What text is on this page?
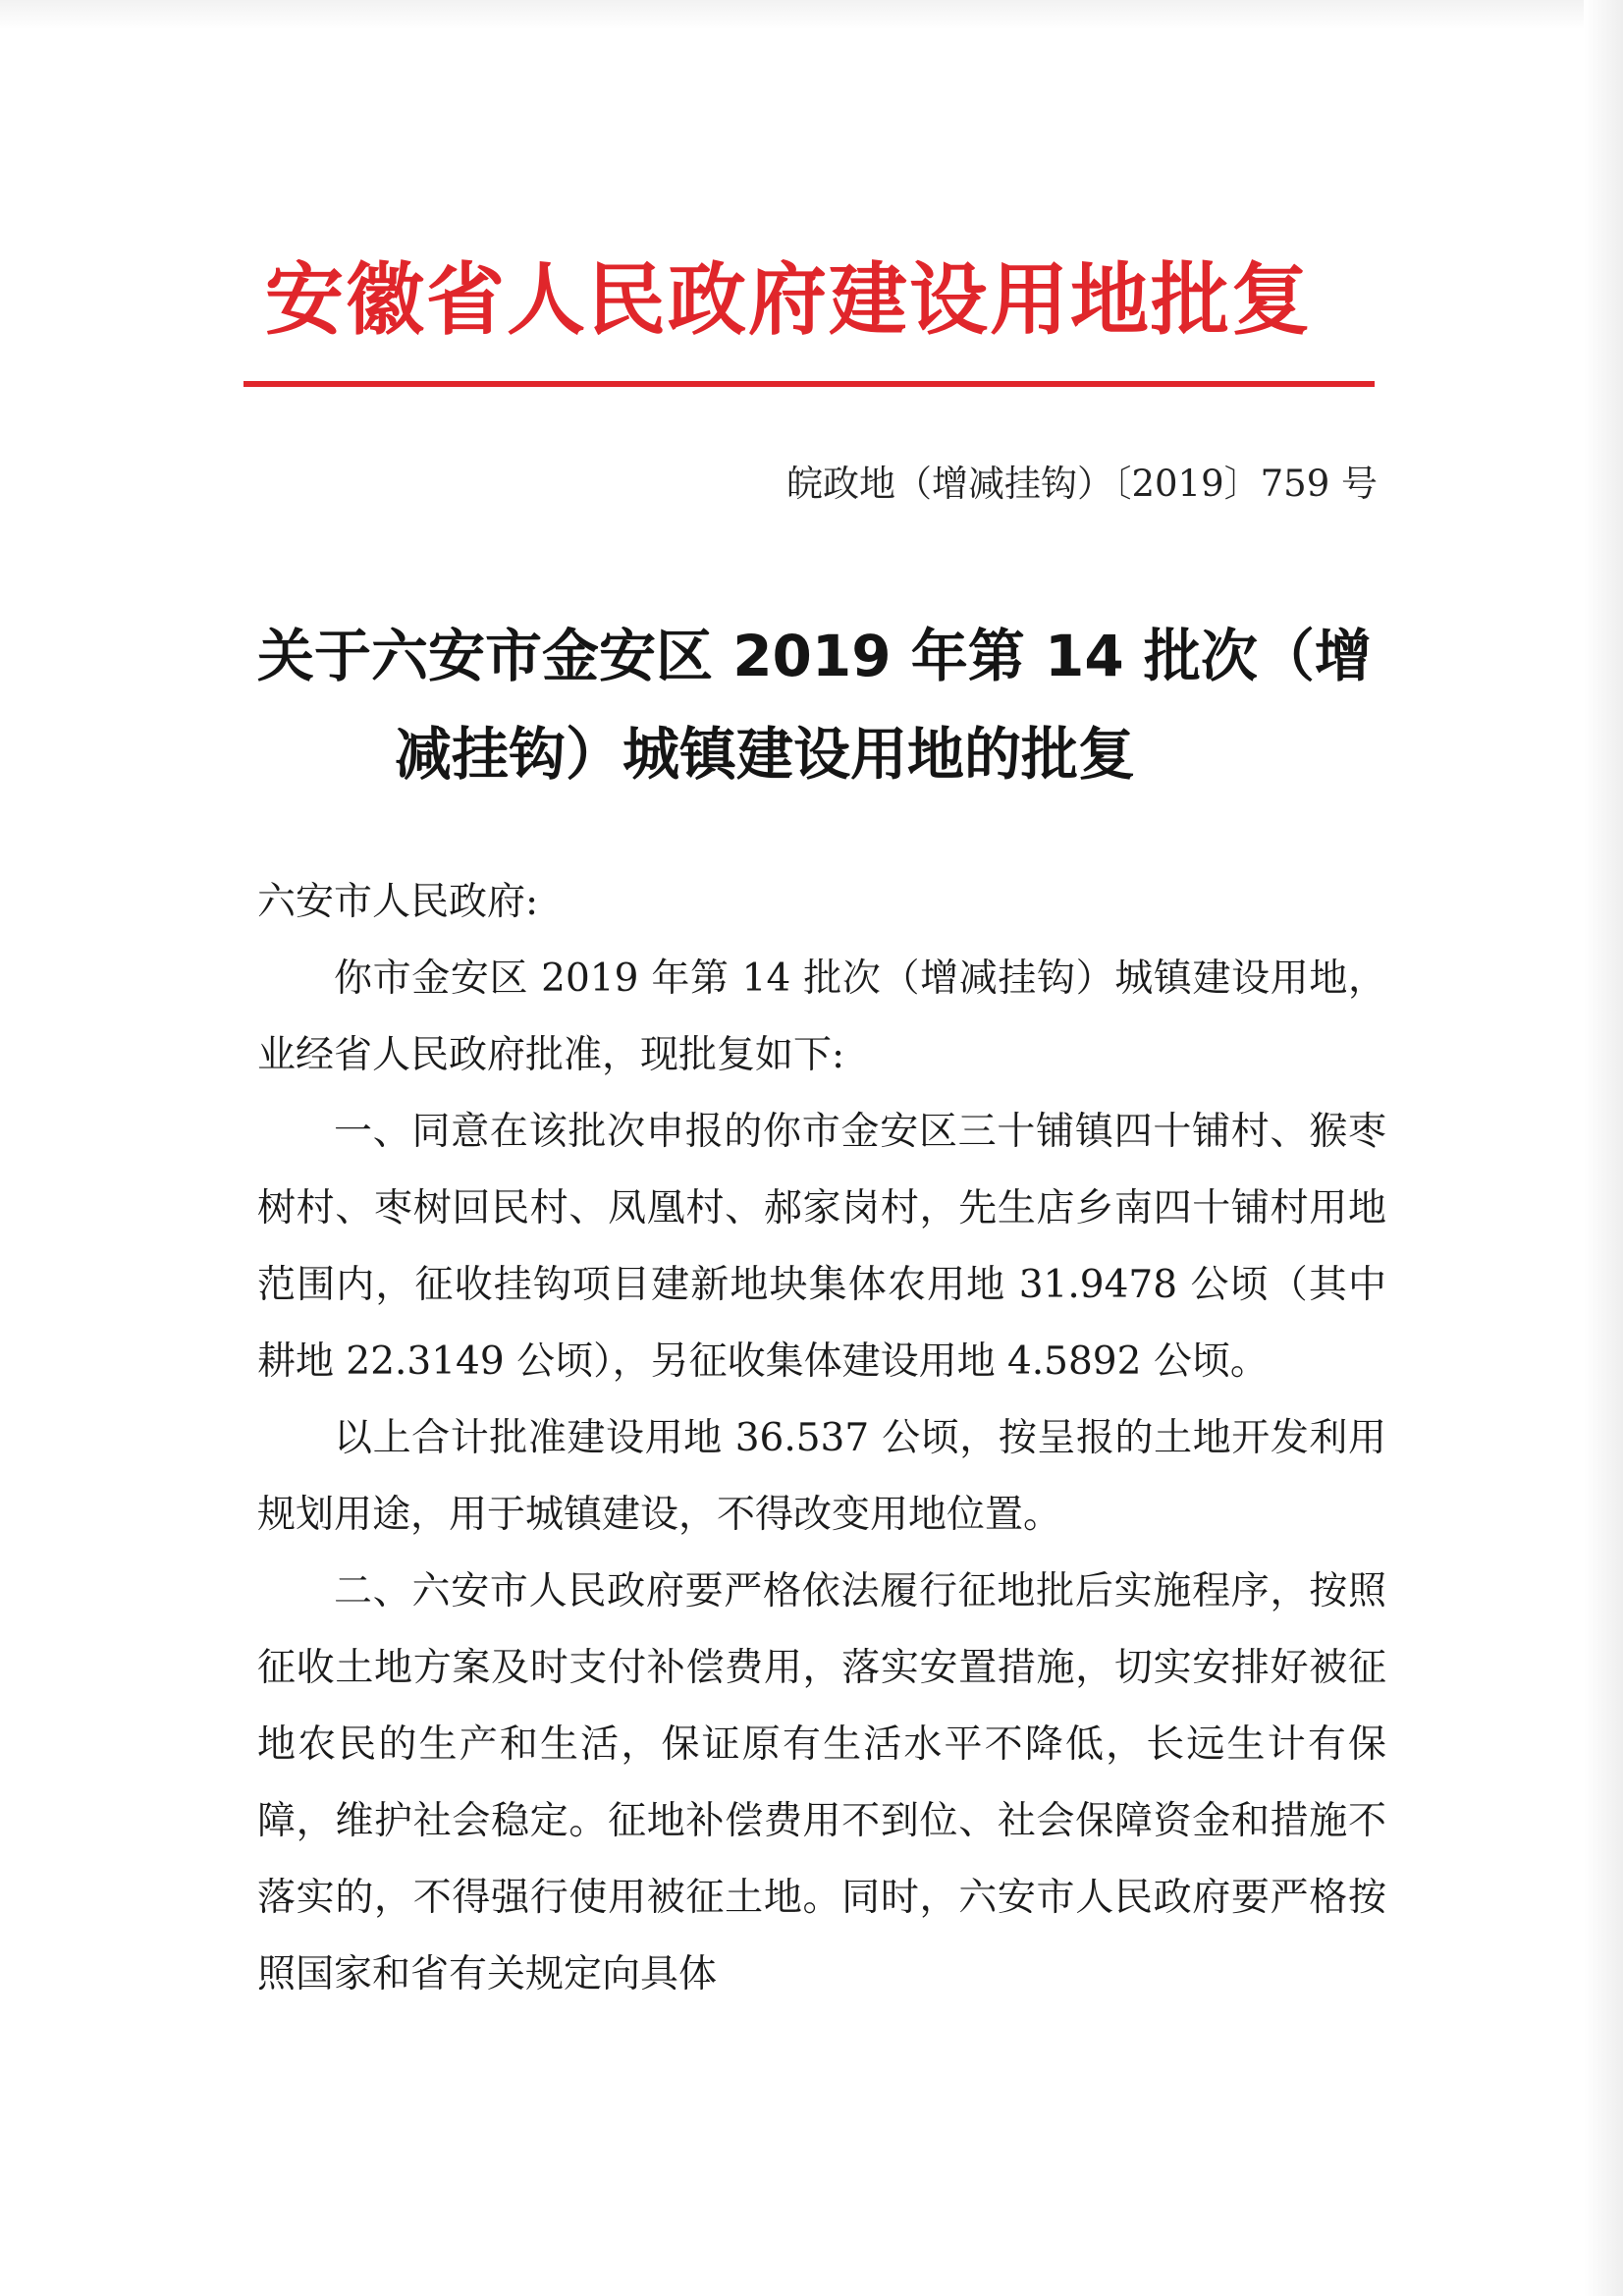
安徽省人民政府建设用地批复
皖政地（增减挂钩）〔2019〕759 号
关于六安市金安区 2019 年第 14 批次（增
减挂钩）城镇建设用地的批复

六安市人民政府:

你市金安区 2019 年第 14 批次（增减挂钩）城镇建设用地，业经省人民政府批准，现批复如下:

一、同意在该批次申报的你市金安区三十铺镇四十铺村、猴枣树村、枣树回民村、凤凰村、郝家岗村，先生店乡南四十铺村用地范围内，征收挂钩项目建新地块集体农用地 31.9478 公顷（其中耕地 22.3149 公顷），另征收集体建设用地 4.5892 公顷。

以上合计批准建设用地 36.537 公顷，按呈报的土地开发利用规划用途，用于城镇建设，不得改变用地位置。

二、六安市人民政府要严格依法履行征地批后实施程序，按照征收土地方案及时支付补偿费用，落实安置措施，切实安排好被征地农民的生产和生活，保证原有生活水平不降低，长远生计有保障，维护社会稳定。征地补偿费用不到位、社会保障资金和措施不落实的，不得强行使用被征土地。同时，六安市人民政府要严格按照国家和省有关规定向具体
